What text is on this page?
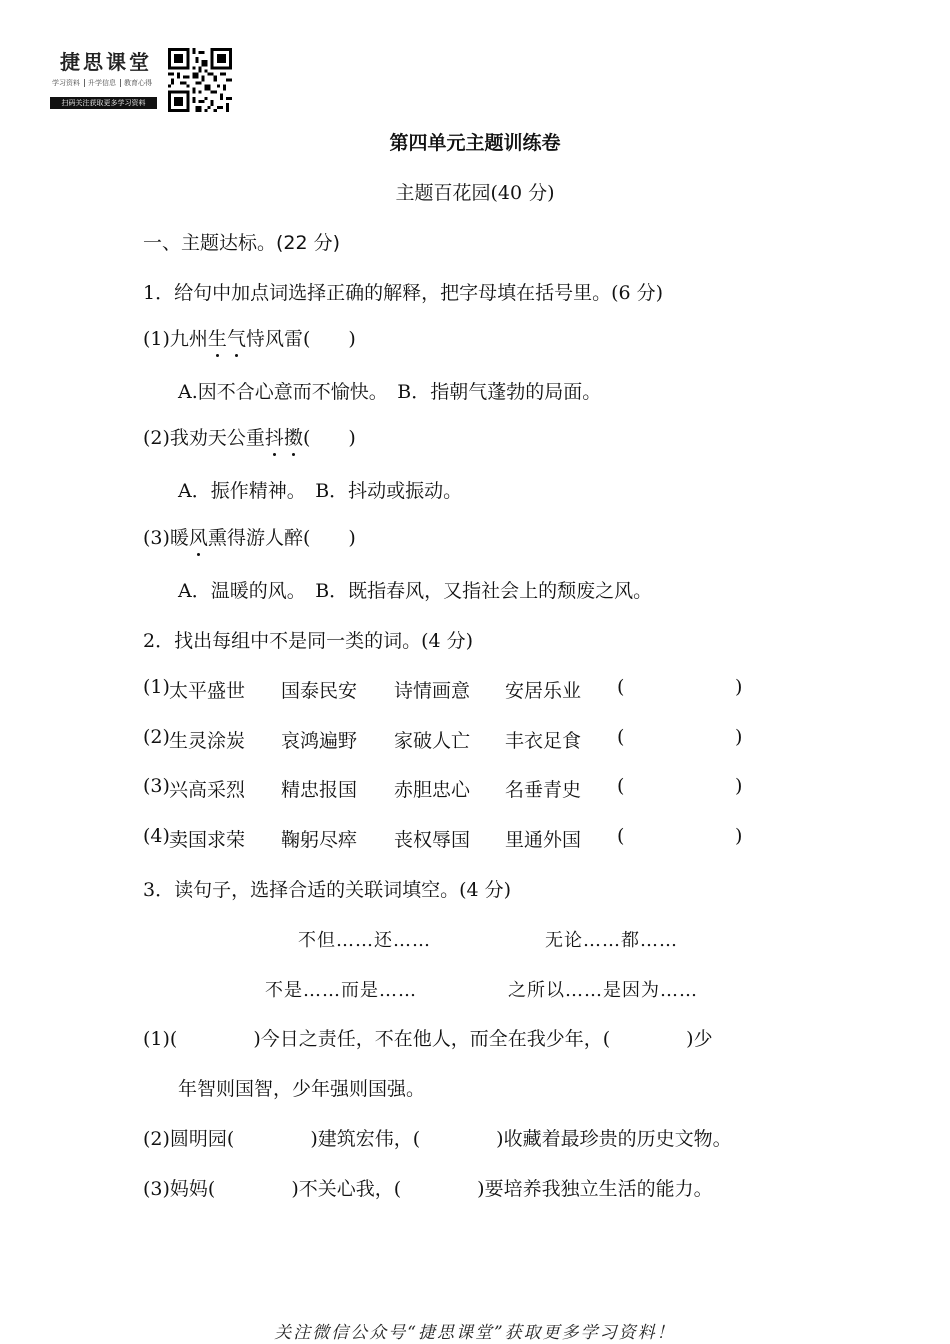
捷思课堂
学习资料 升学信息 教育心得
扫码关注获取更多学习资料
第四单元主题训练卷
主题百花园(40 分)
一、主题达标。(22 分)
1．给句中加点词选择正确的解释，把字母填在括号里。(6 分)
(1)九州生气恃风雷(　　)
A.因不合心意而不愉快。　B．指朝气蓬勃的局面。
(2)我劝天公重抖擞(　　)
A．振作精神。　B．抖动或振动。
(3)暖风熏得游人醉(　　)
A．温暖的风。　B．既指春风，又指社会上的颓废之风。
2．找出每组中不是同一类的词。(4 分)
(1) 太平盛世 国泰民安 诗情画意 安居乐业 (	)
(2) 生灵涂炭 哀鸿遍野 家破人亡 丰衣足食 (	)
(3) 兴高采烈 精忠报国 赤胆忠心 名垂青史 (	)
(4) 卖国求荣 鞠躬尽瘁 丧权辱国 里通外国 (	)
3．读句子，选择合适的关联词填空。(4 分)
不但……还……	无论……都……
不是……而是……	之所以……是因为……
(1)(　　　　)今日之责任，不在他人，而全在我少年，(　　　　)少
年智则国智，少年强则国强。
(2)圆明园(　　　　)建筑宏伟，(　　　　)收藏着最珍贵的历史文物。
(3)妈妈(　　　　)不关心我，(　　　　)要培养我独立生活的能力。
关注微信公众号“捷思课堂”获取更多学习资料！
